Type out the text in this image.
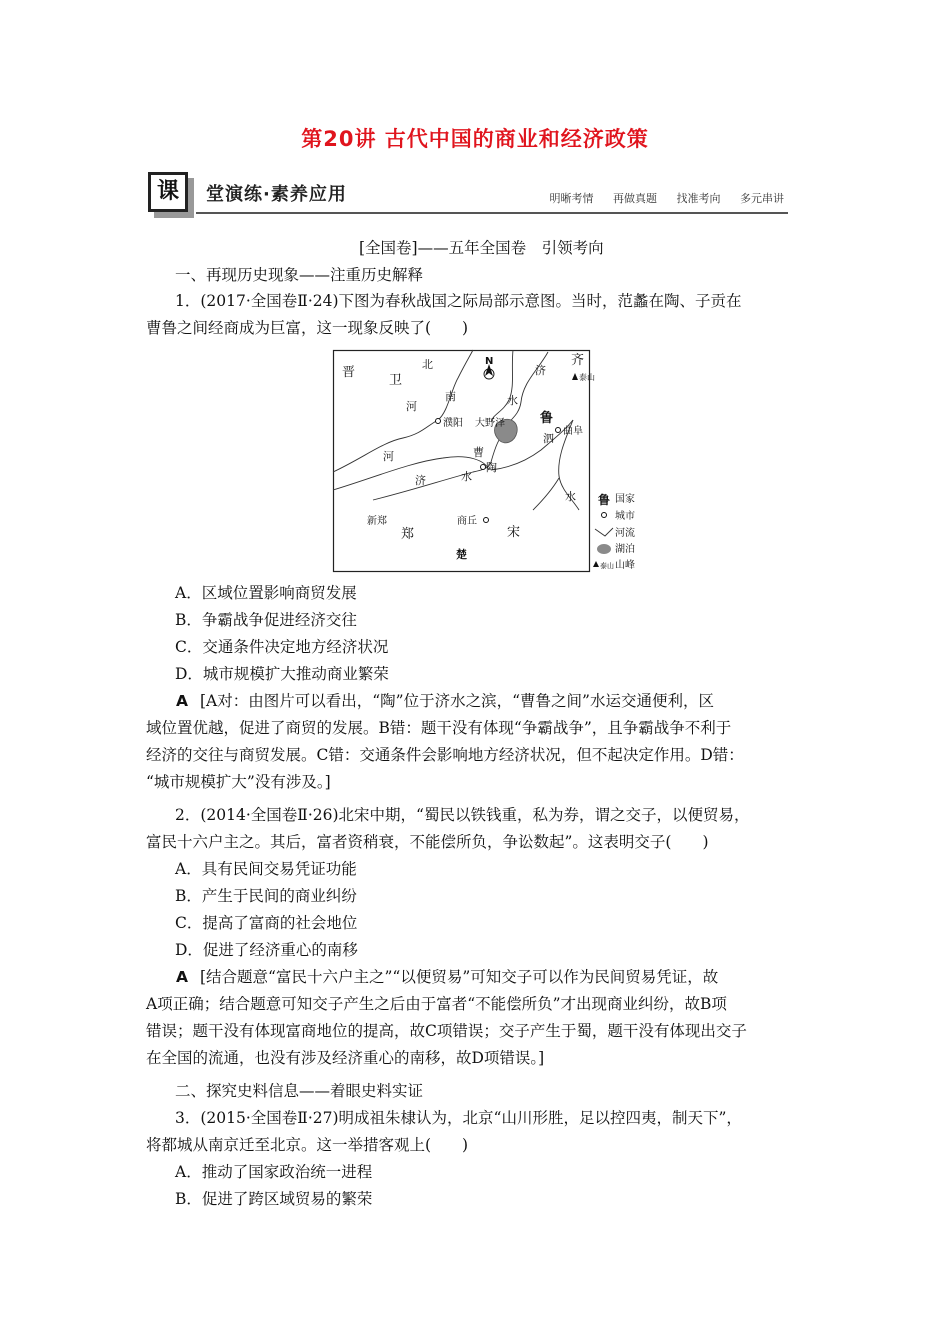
第20讲 古代中国的商业和经济政策
课	堂演练·素养应用	明晰考情 再做真题 找准考向 多元串讲
[全国卷]——五年全国卷　引领考向
一、再现历史现象——注重历史解释
1．(2017·全国卷Ⅱ·24)下图为春秋战国之际局部示意图。当时，范蠡在陶、子贡在
曹鲁之间经商成为巨富，这一现象反映了(　　)
晋
卫
北
南
河
N
济
齐
泰山
水
鲁
泗
曲阜
濮阳 大野泽
曹
陶
河
济	水
水
新郑
郑
商丘
宋
楚
鲁 国家
城市
河流
湖泊
泰山 山峰
A．区域位置影响商贸发展
B．争霸战争促进经济交往
C．交通条件决定地方经济状况
D．城市规模扩大推动商业繁荣
A [A对：由图片可以看出，“陶”位于济水之滨，“曹鲁之间”水运交通便利，区
域位置优越，促进了商贸的发展。B错：题干没有体现“争霸战争”，且争霸战争不利于
经济的交往与商贸发展。C错：交通条件会影响地方经济状况，但不起决定作用。D错：
“城市规模扩大”没有涉及。]
2．(2014·全国卷Ⅱ·26)北宋中期，“蜀民以铁钱重，私为券，谓之交子，以便贸易，
富民十六户主之。其后，富者资稍衰，不能偿所负，争讼数起”。这表明交子(　　)
A．具有民间交易凭证功能
B．产生于民间的商业纠纷
C．提高了富商的社会地位
D．促进了经济重心的南移
A [结合题意“富民十六户主之”“以便贸易”可知交子可以作为民间贸易凭证，故
A项正确；结合题意可知交子产生之后由于富者“不能偿所负”才出现商业纠纷，故B项
错误；题干没有体现富商地位的提高，故C项错误；交子产生于蜀，题干没有体现出交子
在全国的流通，也没有涉及经济重心的南移，故D项错误。]
二、探究史料信息——着眼史料实证
3．(2015·全国卷Ⅱ·27)明成祖朱棣认为，北京“山川形胜，足以控四夷，制天下”，
将都城从南京迁至北京。这一举措客观上(　　)
A．推动了国家政治统一进程
B．促进了跨区域贸易的繁荣
